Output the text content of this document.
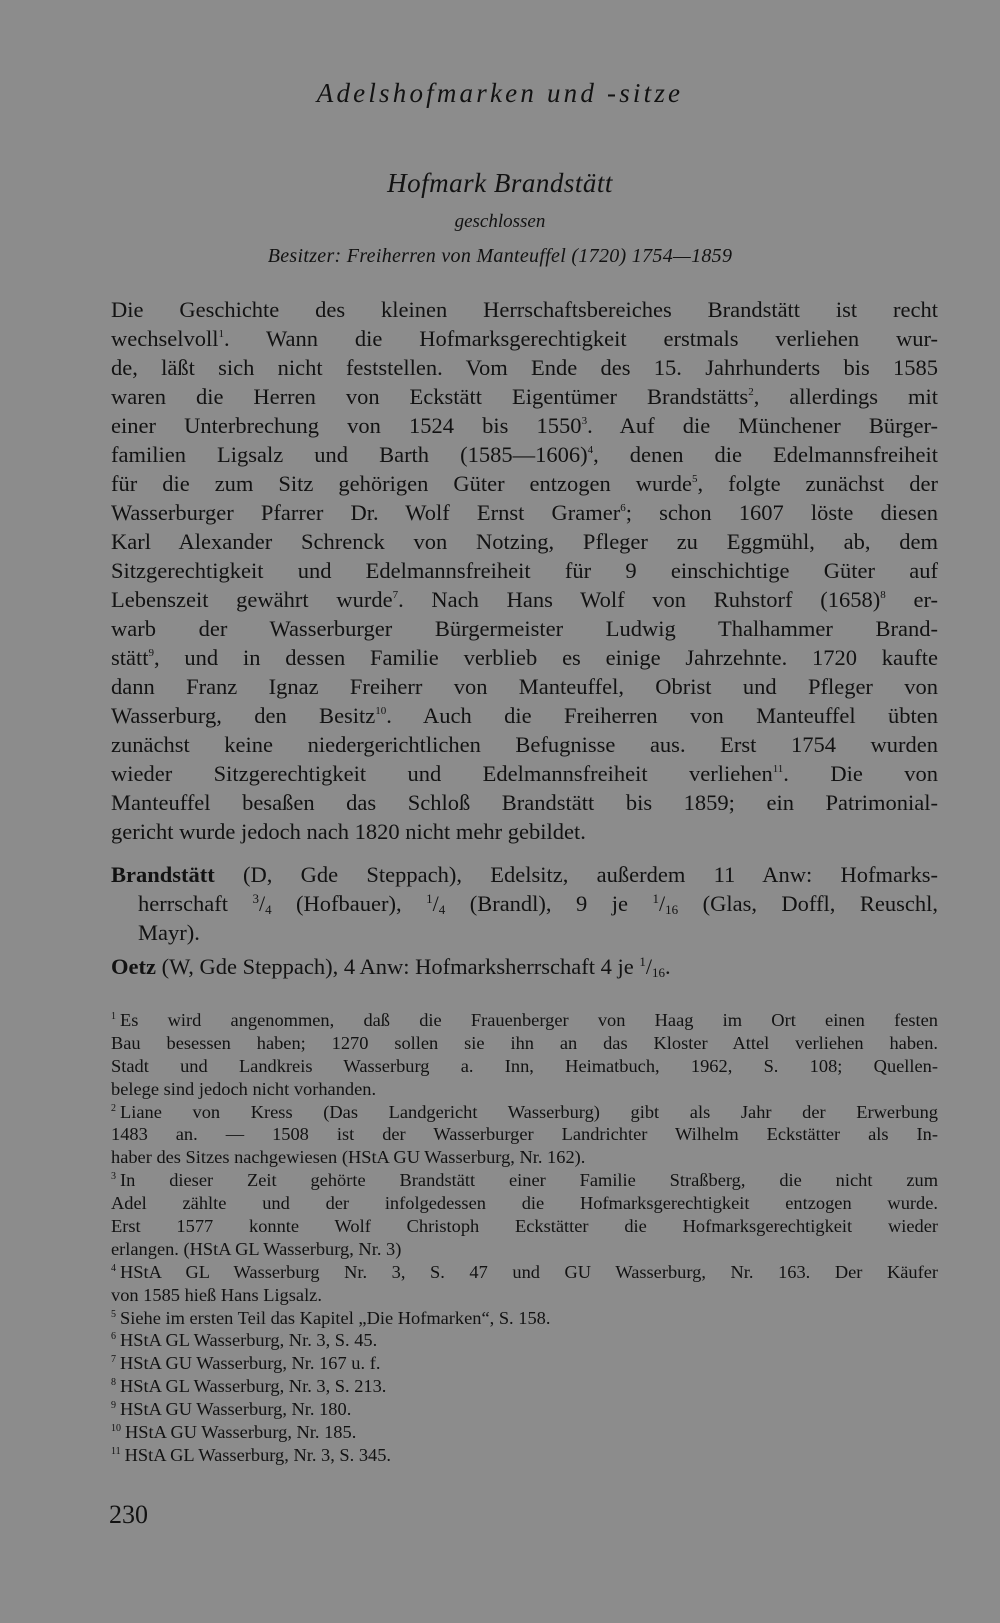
Adelshofmarken und -sitze
Hofmark Brandstätt
geschlossen
Besitzer: Freiherren von Manteuffel (1720) 1754—1859
Die Geschichte des kleinen Herrschaftsbereiches Brandstätt ist recht
wechselvoll$^1$. Wann die Hofmarksgerechtigkeit erstmals verliehen wur-
de, läßt sich nicht feststellen. Vom Ende des 15. Jahrhunderts bis 1585
waren die Herren von Eckstätt Eigentümer Brandstätts$^2$, allerdings mit
einer Unterbrechung von 1524 bis 1550$^3$. Auf die Münchener Bürger-
familien Ligsalz und Barth (1585—1606)$^4$, denen die Edelmannsfreiheit
für die zum Sitz gehörigen Güter entzogen wurde$^5$, folgte zunächst der
Wasserburger Pfarrer Dr. Wolf Ernst Gramer$^6$; schon 1607 löste diesen
Karl Alexander Schrenck von Notzing, Pfleger zu Eggmühl, ab, dem
Sitzgerechtigkeit und Edelmannsfreiheit für 9 einschichtige Güter auf
Lebenszeit gewährt wurde$^7$. Nach Hans Wolf von Ruhstorf $(1658)^8$ er-
warb der Wasserburger Bürgermeister Ludwig Thalhammer Brand-
stätt$^9$, und in dessen Familie verblieb es einige Jahrzehnte. 1720 kaufte
dann Franz Ignaz Freiherr von Manteuffel, Obrist und Pfleger von
Wasserburg, den Besitz$^{10}$. Auch die Freiherren von Manteuffel übten
zunächst keine niedergerichtlichen Befugnisse aus. Erst 1754 wurden
wieder Sitzgerechtigkeit und Edelmannsfreiheit verliehen$^{11}$. Die von
Manteuffel besaßen das Schloß Brandstätt bis 1859; ein Patrimonial-
gericht wurde jedoch nach 1820 nicht mehr gebildet.
Brandstätt (D, Gde Steppach), Edelsitz, außerdem 11 Anw: Hofmarks-
herrschaft $^3/_4$ (Hofbauer), $^1/_4$ (Brandl), 9 je $^1/_{16}$ (Glas, Doffl, Reuschl,
Mayr).
Oetz (W, Gde Steppach), 4 Anw: Hofmarksherrschaft 4 je $^1/_{16}$.
$^1$ Es wird angenommen, daß die Frauenberger von Haag im Ort einen festen
Bau besessen haben; 1270 sollen sie ihn an das Kloster Attel verliehen haben.
Stadt und Landkreis Wasserburg a. Inn, Heimatbuch, 1962, S. 108; Quellen-
belege sind jedoch nicht vorhanden.
$^2$ Liane von Kress (Das Landgericht Wasserburg) gibt als Jahr der Erwerbung
1483 an. — 1508 ist der Wasserburger Landrichter Wilhelm Eckstätter als In-
haber des Sitzes nachgewiesen (HStA GU Wasserburg, Nr. 162).
$^3$ In dieser Zeit gehörte Brandstätt einer Familie Straßberg, die nicht zum
Adel zählte und der infolgedessen die Hofmarksgerechtigkeit entzogen wurde.
Erst 1577 konnte Wolf Christoph Eckstätter die Hofmarksgerechtigkeit wieder
erlangen. (HStA GL Wasserburg, Nr. 3)
$^4$ HStA GL Wasserburg Nr. 3, S. 47 und GU Wasserburg, Nr. 163. Der Käufer
von 1585 hieß Hans Ligsalz.
$^5$ Siehe im ersten Teil das Kapitel „Die Hofmarken“, S. 158.
$^6$ HStA GL Wasserburg, Nr. 3, S. 45.
$^7$ HStA GU Wasserburg, Nr. 167 u. f.
$^8$ HStA GL Wasserburg, Nr. 3, S. 213.
$^9$ HStA GU Wasserburg, Nr. 180.
$^{10}$ HStA GU Wasserburg, Nr. 185.
$^{11}$ HStA GL Wasserburg, Nr. 3, S. 345.
230
